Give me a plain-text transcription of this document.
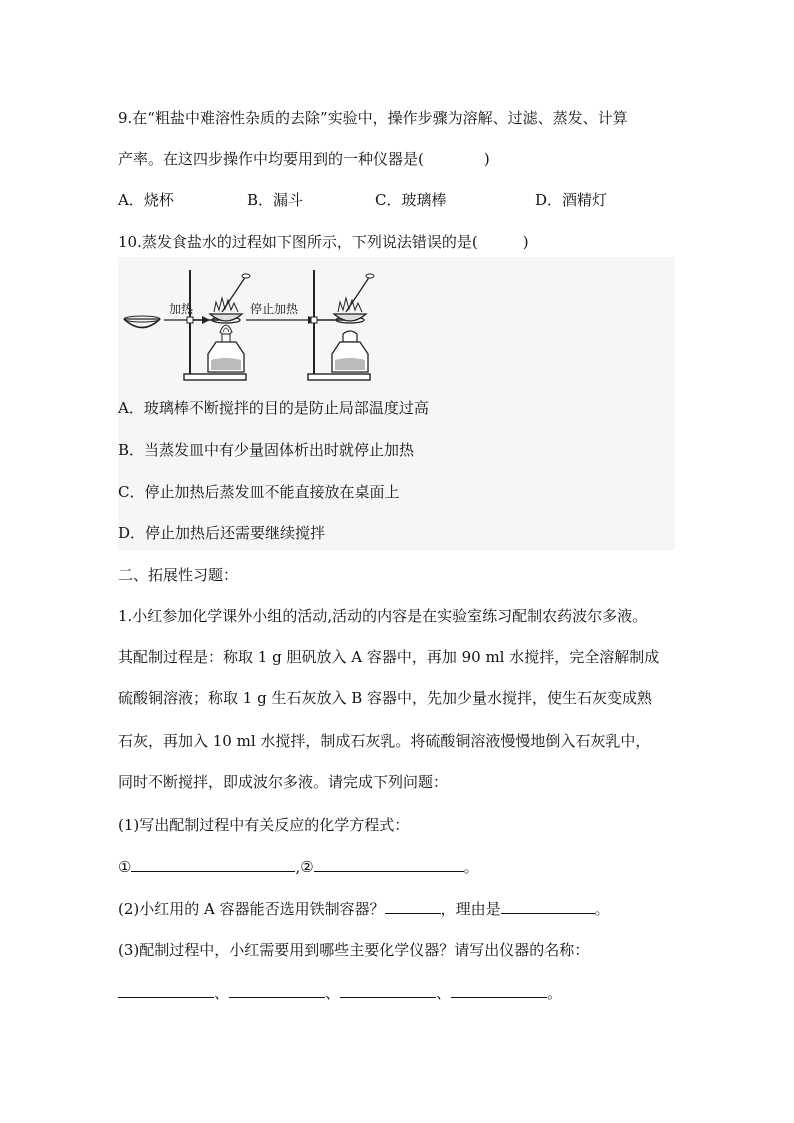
9.在“粗盐中难溶性杂质的去除”实验中，操作步骤为溶解、过滤、蒸发、计算
产率。在这四步操作中均要用到的一种仪器是(　　　　)
A．烧杯	B．漏斗	C．玻璃棒	D．酒精灯
10.蒸发食盐水的过程如下图所示，下列说法错误的是(　　　)
加热	停止加热
A．玻璃棒不断搅拌的目的是防止局部温度过高
B．当蒸发皿中有少量固体析出时就停止加热
C．停止加热后蒸发皿不能直接放在桌面上
D．停止加热后还需要继续搅拌
二、拓展性习题：
1.小红参加化学课外小组的活动,活动的内容是在实验室练习配制农药波尔多液。
其配制过程是：称取 1 g 胆矾放入 A 容器中，再加 90 ml 水搅拌，完全溶解制成
硫酸铜溶液；称取 1 g 生石灰放入 B 容器中，先加少量水搅拌，使生石灰变成熟
石灰，再加入 10 ml 水搅拌，制成石灰乳。将硫酸铜溶液慢慢地倒入石灰乳中，
同时不断搅拌，即成波尔多液。请完成下列问题：
(1)写出配制过程中有关反应的化学方程式：
①	,②	。
(2)小红用的 A 容器能否选用铁制容器？	，理由是	。
(3)配制过程中，小红需要用到哪些主要化学仪器？请写出仪器的名称：
、	、	、	。
